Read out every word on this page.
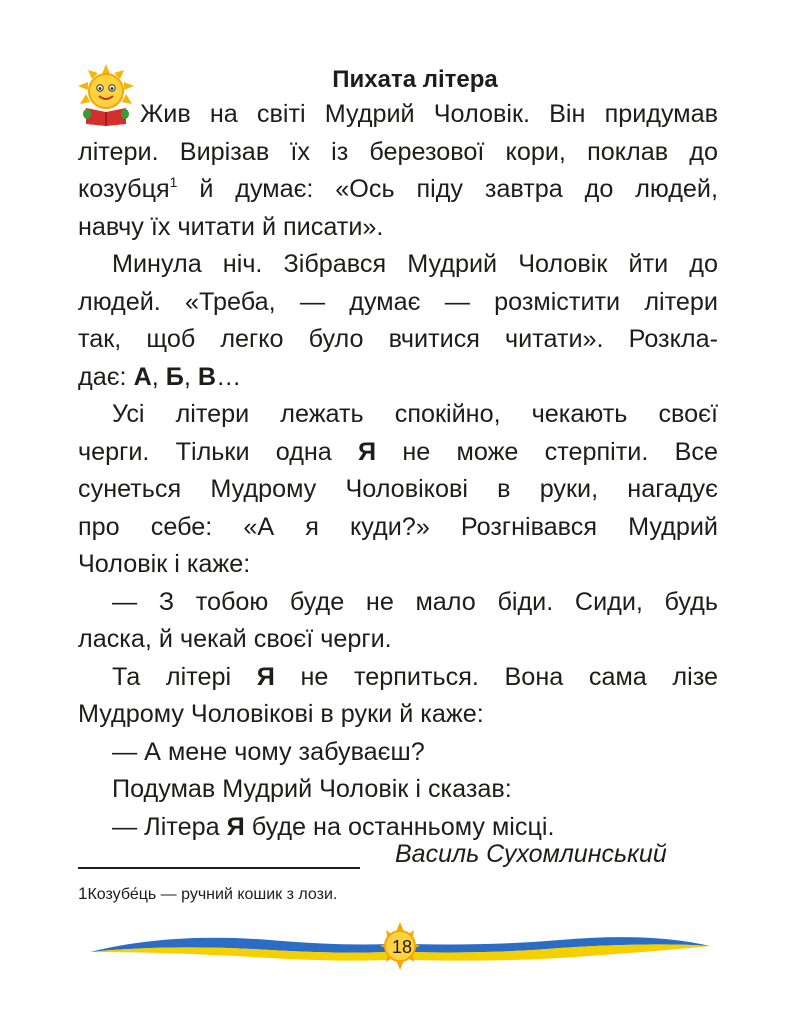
Пихата літера
Жив на світі Мудрий Чоловік. Він придумав
літери. Вирізав їх із березової кори, поклав до
козубця$^1$ й думає: «Ось піду завтра до людей,
навчу їх читати й писати».
Минула ніч. Зібрався Мудрий Чоловік йти до
людей. «Треба, — думає — розмістити літери
так, щоб легко було вчитися читати». Розкла-
дає: А, Б, В…
Усі літери лежать спокійно, чекають своєї
черги. Тільки одна Я не може стерпіти. Все
сунеться Мудрому Чоловікові в руки, нагадує
про себе: «А я куди?» Розгнівався Мудрий
Чоловік і каже:
— З тобою буде не мало біди. Сиди, будь
ласка, й чекай своєї черги.
Та літері Я не терпиться. Вона сама лізе
Мудрому Чоловікові в руки й каже:
— А мене чому забуваєш?
Подумав Мудрий Чоловік і сказав:
— Літера Я буде на останньому місці.
Василь Сухомлинський
1Козубе́ць — ручний кошик з лози.
18
